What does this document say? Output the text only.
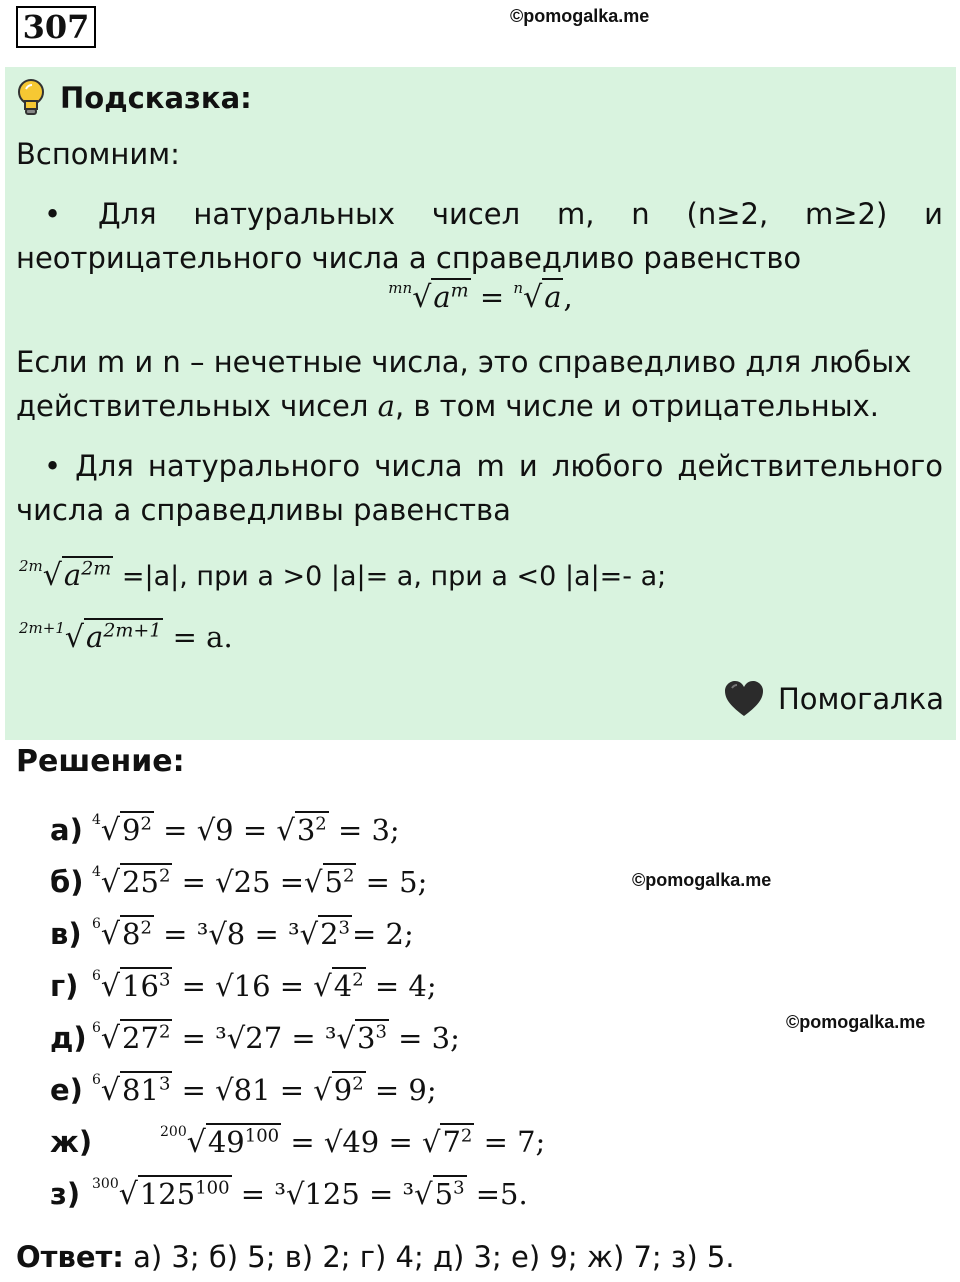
307	©pomogalka.me
Подсказка:
Вспомним:
• Для натуральных чисел m, n (n≥2, m≥2) и
неотрицательного числа a справедливо равенство
$^{mn}√a^m = ^n√a$,
Если m и n – нечетные числа, это справедливо для любых
действительных чисел a, в том числе и отрицательных.
• Для натурального числа m и любого действительного
числа a справедливы равенства
$^{2m}√a^{2m} =|a|$, при a >0 |a|= a, при a <0 |a|=- a;
$^{2m+1}√a^{2m+1} = a$.
Помогалка
Решение:
©pomogalka.me
©pomogalka.me
а) $^4√9^2 = √9 = √3^2 = 3$;
б) $^4√25^2 = √25 =√5^2 = 5$;
в) $^6√8^2 = ^3√8 = ^3√2^3= 2$;
г) $^6√16^3 = √16 = √4^2 = 4$;
д) $^6√27^2 = ^3√27 = ^3√3^3 = 3$;
е) $^6√81^3 = √81 = √9^2 = 9$;
ж)	$^{200}√49^{100} = √49 = √7^2 = 7$;
з) $^{300}√125^{100} = ^3√125 = ^3√5^3 =5$.
Ответ: а) 3; б) 5; в) 2; г) 4; д) 3; е) 9; ж) 7; з) 5.
